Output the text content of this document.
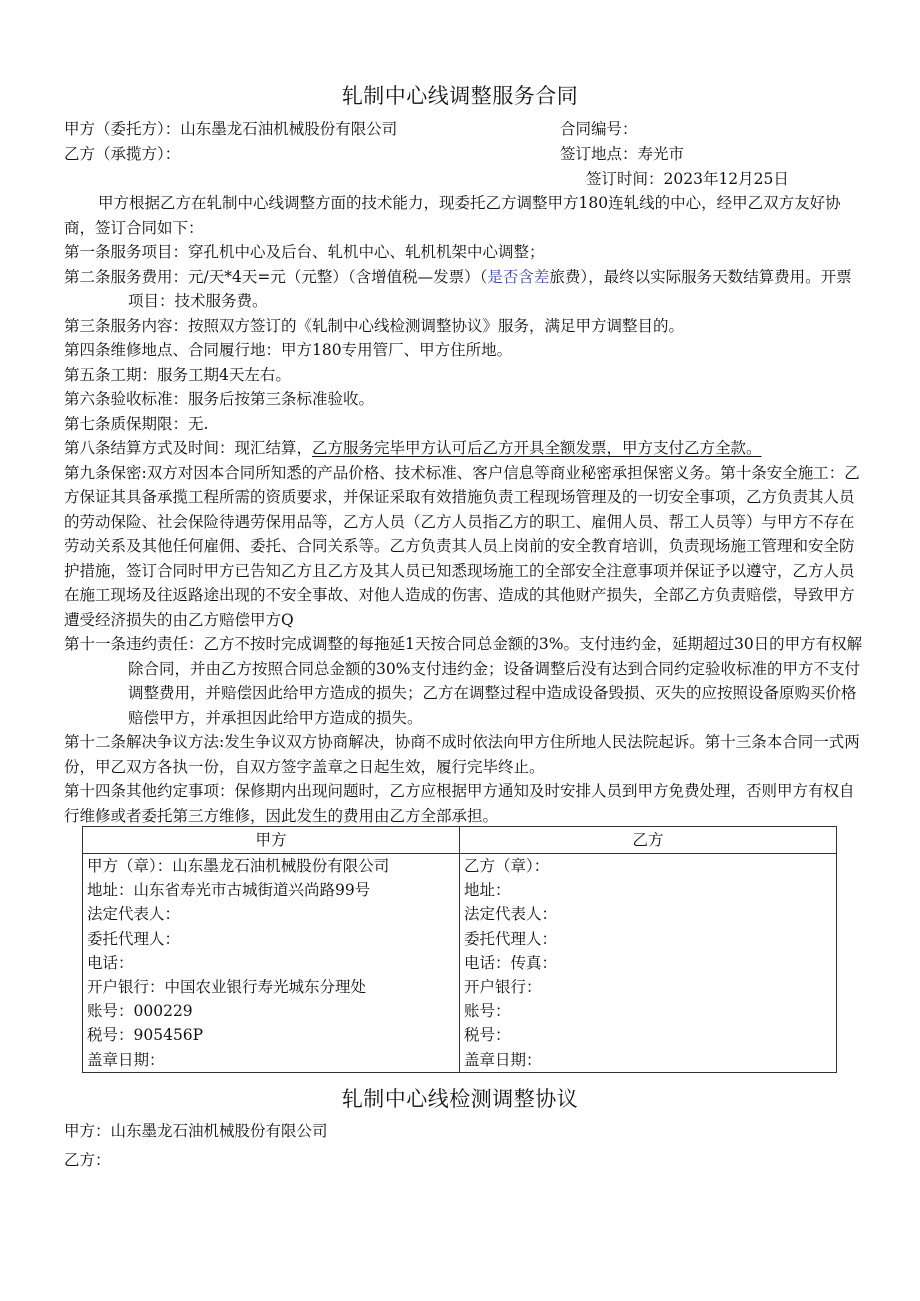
轧制中心线调整服务合同
甲方（委托方）：山东墨龙石油机械股份有限公司	合同编号：
乙方（承揽方）：	签订地点：寿光市
签订时间：2023年12月25日

甲方根据乙方在轧制中心线调整方面的技术能力，现委托乙方调整甲方180连轧线的中心，经甲乙双方友好协商，签订合同如下：

第一条服务项目：穿孔机中心及后台、轧机中心、轧机机架中心调整；

第二条服务费用：元/天*4天=元（元整）（含增值税—发票）（是否含差旅费），最终以实际服务天数结算费用。开票项目：技术服务费。

第三条服务内容：按照双方签订的《轧制中心线检测调整协议》服务，满足甲方调整目的。

第四条维修地点、合同履行地：甲方180专用管厂、甲方住所地。

第五条工期：服务工期4天左右。

第六条验收标准：服务后按第三条标准验收。

第七条质保期限：无.

第八条结算方式及时间：现汇结算，乙方服务完毕甲方认可后乙方开具全额发票，甲方支付乙方全款。

第九条保密:双方对因本合同所知悉的产品价格、技术标准、客户信息等商业秘密承担保密义务。第十条安全施工：乙方保证其具备承揽工程所需的资质要求，并保证采取有效措施负责工程现场管理及的一切安全事项，乙方负责其人员的劳动保险、社会保险待遇劳保用品等，乙方人员（乙方人员指乙方的职工、雇佣人员、帮工人员等）与甲方不存在劳动关系及其他任何雇佣、委托、合同关系等。乙方负责其人员上岗前的安全教育培训，负责现场施工管理和安全防护措施，签订合同时甲方已告知乙方且乙方及其人员已知悉现场施工的全部安全注意事项并保证予以遵守，乙方人员在施工现场及往返路途出现的不安全事故、对他人造成的伤害、造成的其他财产损失，全部乙方负责赔偿，导致甲方遭受经济损失的由乙方赔偿甲方Q

第十一条违约责任：乙方不按时完成调整的每拖延1天按合同总金额的3%。支付违约金，延期超过30日的甲方有权解除合同，并由乙方按照合同总金额的30%支付违约金；设备调整后没有达到合同约定验收标准的甲方不支付调整费用，并赔偿因此给甲方造成的损失；乙方在调整过程中造成设备毁损、灭失的应按照设备原购买价格赔偿甲方，并承担因此给甲方造成的损失。

第十二条解决争议方法:发生争议双方协商解决，协商不成时依法向甲方住所地人民法院起诉。第十三条本合同一式两份，甲乙双方各执一份，自双方签字盖章之日起生效，履行完毕终止。

第十四条其他约定事项：保修期内出现问题时，乙方应根据甲方通知及时安排人员到甲方免费处理，否则甲方有权自行维修或者委托第三方维修，因此发生的费用由乙方全部承担。

甲方	乙方
甲方（章）：山东墨龙石油机械股份有限公司	乙方（章）：
地址：山东省寿光市古城街道兴尚路99号	地址：
法定代表人：	法定代表人：
委托代理人：	委托代理人：
电话：	电话：传真：
开户银行：中国农业银行寿光城东分理处	开户银行：
账号：000229	账号：
税号：905456P	税号：
盖章日期：	盖章日期：
轧制中心线检测调整协议
甲方：山东墨龙石油机械股份有限公司
乙方：
